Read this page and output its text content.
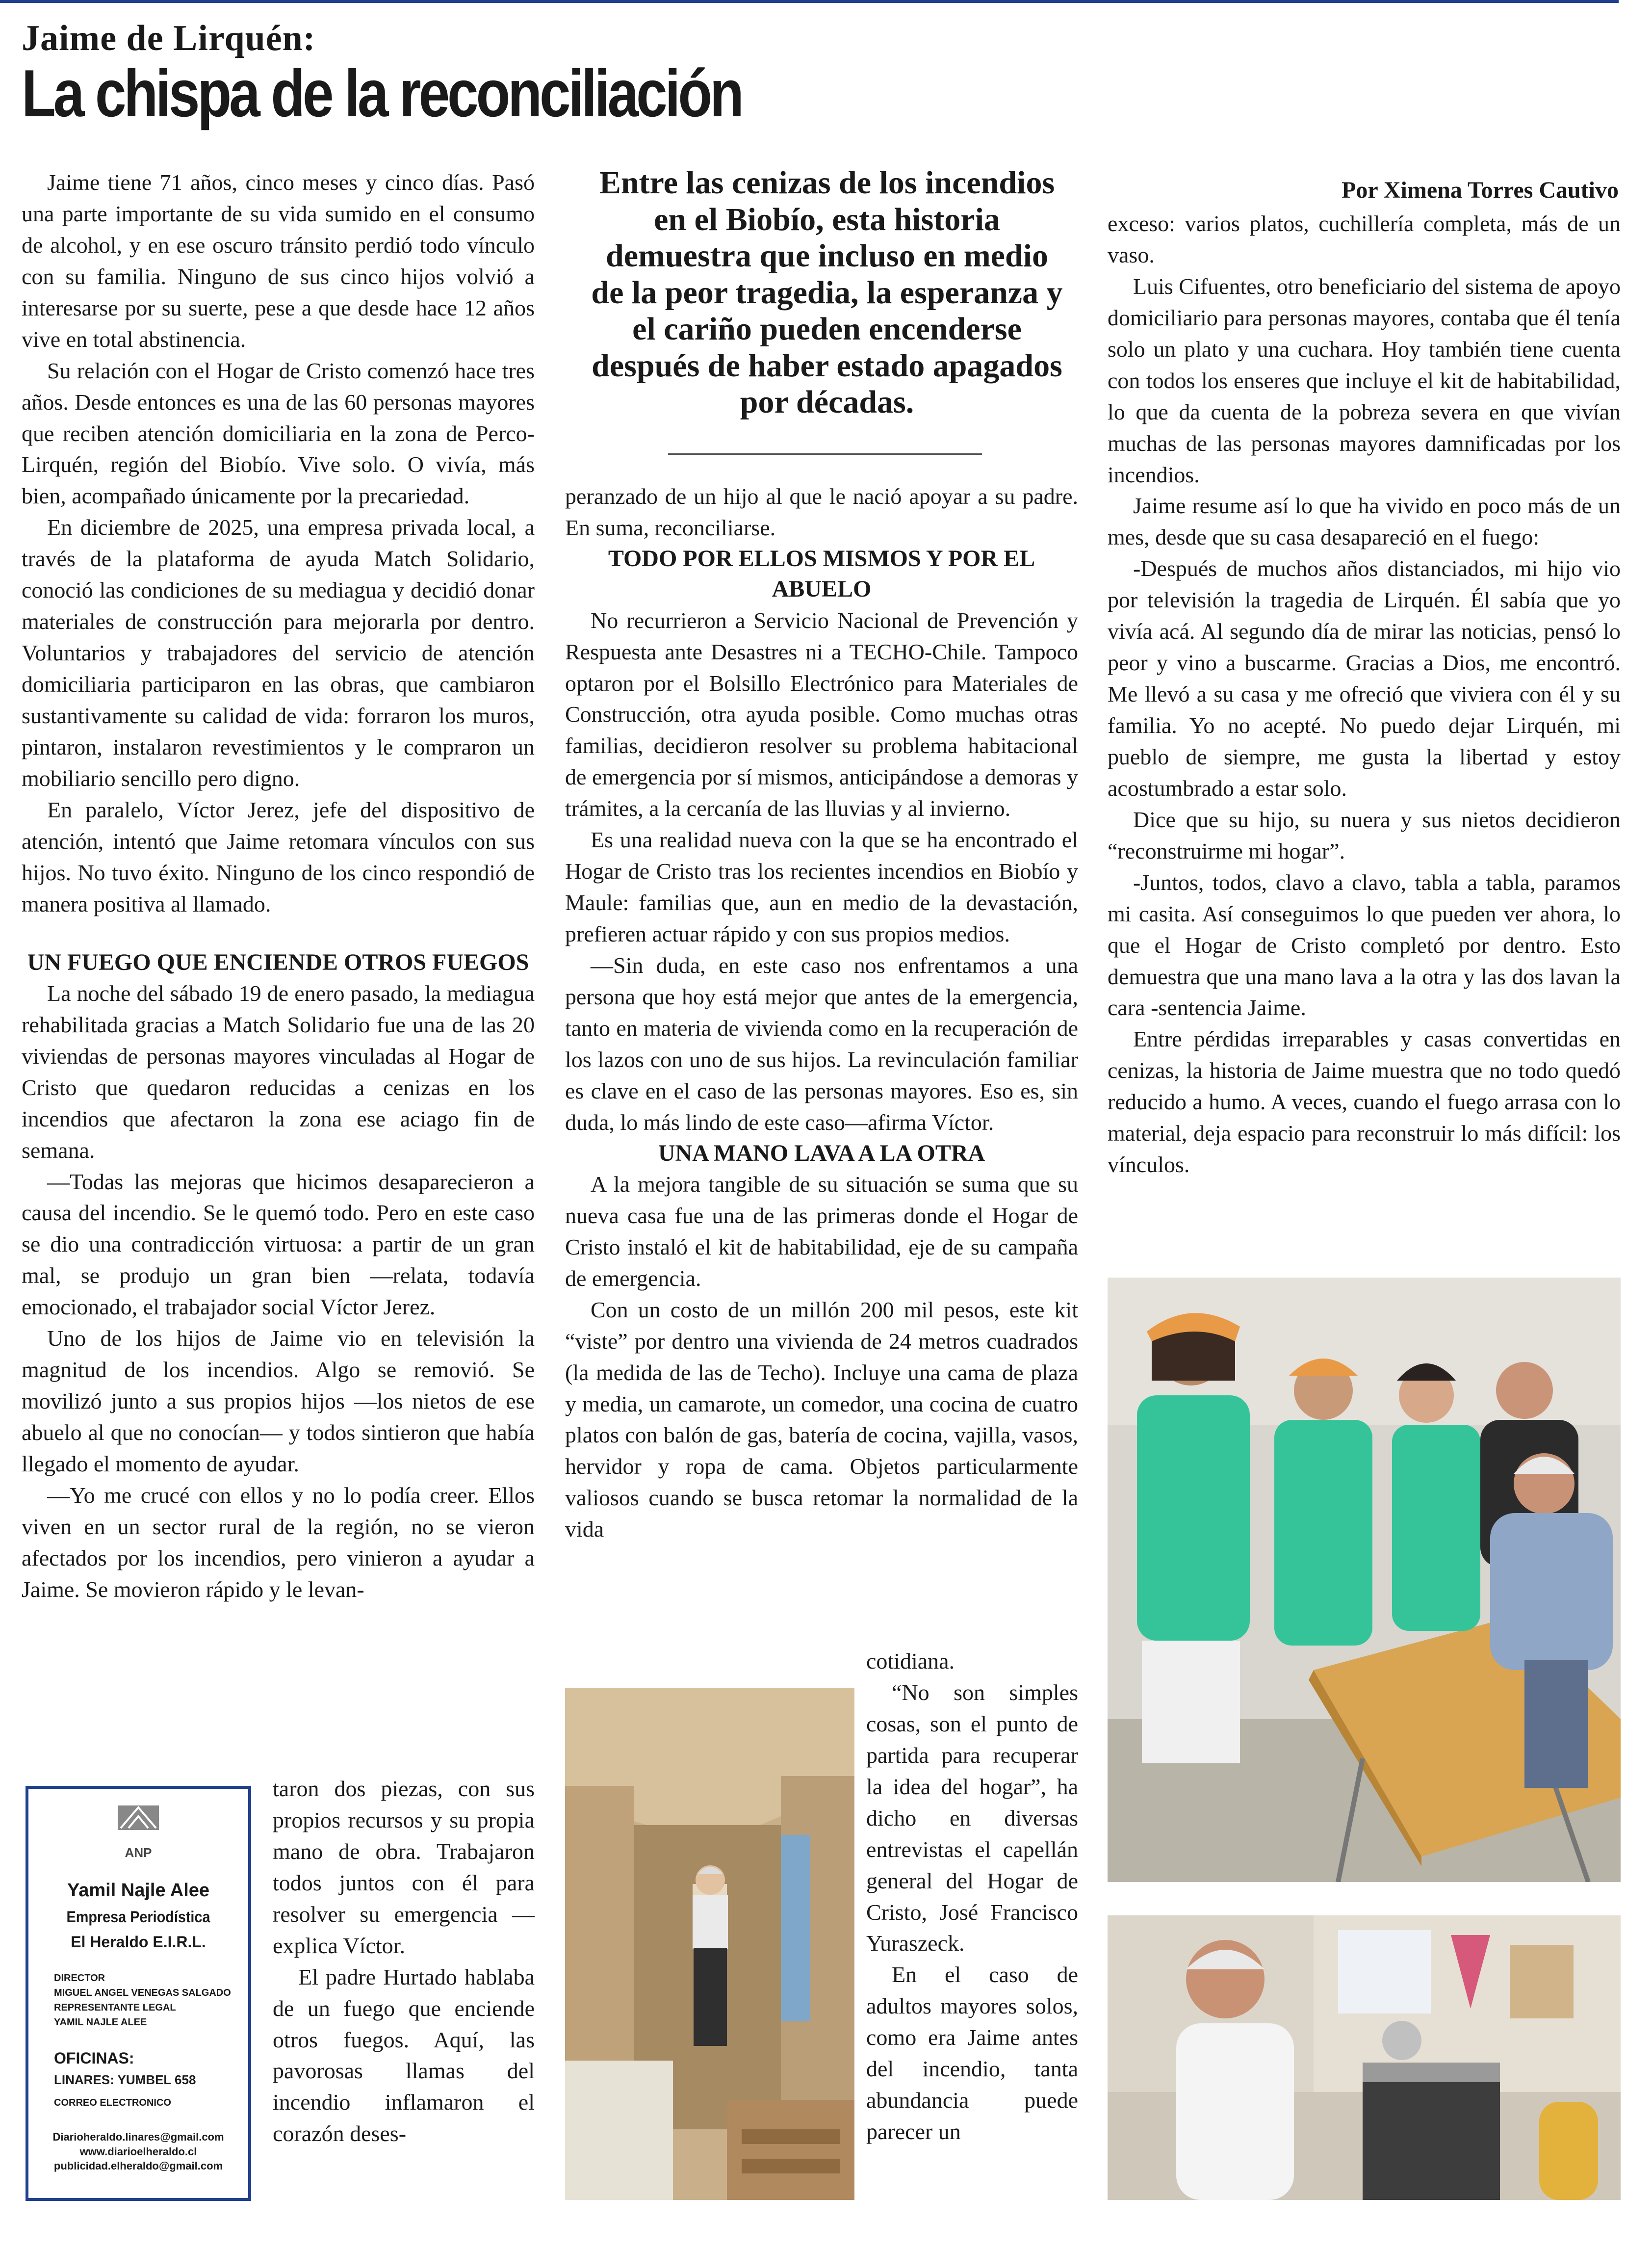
Jaime de Lirquén:
La chispa de la reconciliación

Jaime tiene 71 años, cinco meses y cinco días. Pasó una parte importante de su vida sumido en el consumo de alcohol, y en ese oscuro tránsito perdió todo vínculo con su familia. Ninguno de sus cinco hijos volvió a interesarse por su suerte, pese a que desde hace 12 años vive en total abstinencia.

Su relación con el Hogar de Cristo comenzó hace tres años. Desde entonces es una de las 60 personas mayores que reciben atención domiciliaria en la zona de Perco-Lirquén, región del Biobío. Vive solo. O vivía, más bien, acompañado únicamente por la precariedad.

En diciembre de 2025, una empresa privada local, a través de la plataforma de ayuda Match Solidario, conoció las condiciones de su mediagua y decidió donar materiales de construcción para mejorarla por dentro. Voluntarios y trabajadores del servicio de atención domiciliaria participaron en las obras, que cambiaron sustantivamente su calidad de vida: forraron los muros, pintaron, instalaron revestimientos y le compraron un mobiliario sencillo pero digno.

En paralelo, Víctor Jerez, jefe del dispositivo de atención, intentó que Jaime retomara vínculos con sus hijos. No tuvo éxito. Ninguno de los cinco respondió de manera positiva al llamado.

UN FUEGO QUE ENCIENDE OTROS FUEGOS

La noche del sábado 19 de enero pasado, la mediagua rehabilitada gracias a Match Solidario fue una de las 20 viviendas de personas mayores vinculadas al Hogar de Cristo que quedaron reducidas a cenizas en los incendios que afectaron la zona ese aciago fin de semana.

—Todas las mejoras que hicimos desaparecieron a causa del incendio. Se le quemó todo. Pero en este caso se dio una contradicción virtuosa: a partir de un gran mal, se produjo un gran bien —relata, todavía emocionado, el trabajador social Víctor Jerez.

Uno de los hijos de Jaime vio en televisión la magnitud de los incendios. Algo se removió. Se movilizó junto a sus propios hijos —los nietos de ese abuelo al que no conocían— y todos sintieron que había llegado el momento de ayudar.

—Yo me crucé con ellos y no lo podía creer. Ellos viven en un sector rural de la región, no se vieron afectados por los incendios, pero vinieron a ayudar a Jaime. Se movieron rápido y le levan-

taron dos piezas, con sus propios recursos y su propia mano de obra. Trabajaron todos juntos con él para resolver su emergencia —explica Víctor.
El padre Hurtado hablaba de un fuego que enciende otros fuegos. Aquí, las pavorosas llamas del incendio inflamaron el corazón deses-
ANP
Yamil Najle Alee
Empresa Periodística
El Heraldo E.I.R.L.
DIRECTOR
MIGUEL ANGEL VENEGAS SALGADO
REPRESENTANTE LEGAL
YAMIL NAJLE ALEE
OFICINAS:
LINARES: YUMBEL 658
CORREO ELECTRONICO
Diarioheraldo.linares@gmail.com
www.diarioelheraldo.cl
publicidad.elheraldo@gmail.com
Entre las cenizas de los incendios en el Biobío, esta historia demuestra que incluso en medio de la peor tragedia, la esperanza y el cariño pueden encenderse después de haber estado apagados por décadas.

peranzado de un hijo al que le nació apoyar a su padre. En suma, reconciliarse.

TODO POR ELLOS MISMOS Y POR EL ABUELO

No recurrieron a Servicio Nacional de Prevención y Respuesta ante Desastres ni a TECHO-Chile. Tampoco optaron por el Bolsillo Electrónico para Materiales de Construcción, otra ayuda posible. Como muchas otras familias, decidieron resolver su problema habitacional de emergencia por sí mismos, anticipándose a demoras y trámites, a la cercanía de las lluvias y al invierno.

Es una realidad nueva con la que se ha encontrado el Hogar de Cristo tras los recientes incendios en Biobío y Maule: familias que, aun en medio de la devastación, prefieren actuar rápido y con sus propios medios.

—Sin duda, en este caso nos enfrentamos a una persona que hoy está mejor que antes de la emergencia, tanto en materia de vivienda como en la recuperación de los lazos con uno de sus hijos. La revinculación familiar es clave en el caso de las personas mayores. Eso es, sin duda, lo más lindo de este caso—afirma Víctor.

UNA MANO LAVA A LA OTRA

A la mejora tangible de su situación se suma que su nueva casa fue una de las primeras donde el Hogar de Cristo instaló el kit de habitabilidad, eje de su campaña de emergencia.

Con un costo de un millón 200 mil pesos, este kit “viste” por dentro una vivienda de 24 metros cuadrados (la medida de las de Techo). Incluye una cama de plaza y media, un camarote, un comedor, una cocina de cuatro platos con balón de gas, batería de cocina, vajilla, vasos, hervidor y ropa de cama. Objetos particularmente valiosos cuando se busca retomar la normalidad de la vida

cotidiana.
“No son simples cosas, son el punto de partida para recuperar la idea del hogar”, ha dicho en diversas entrevistas el capellán general del Hogar de Cristo, José Francisco Yuraszeck.
En el caso de adultos mayores solos, como era Jaime antes del incendio, tanta abundancia puede parecer un
Por Ximena Torres Cautivo

exceso: varios platos, cuchillería completa, más de un vaso.

Luis Cifuentes, otro beneficiario del sistema de apoyo domiciliario para personas mayores, contaba que él tenía solo un plato y una cuchara. Hoy también tiene cuenta con todos los enseres que incluye el kit de habitabilidad, lo que da cuenta de la pobreza severa en que vivían muchas de las personas mayores damnificadas por los incendios.

Jaime resume así lo que ha vivido en poco más de un mes, desde que su casa desapareció en el fuego:

-Después de muchos años distanciados, mi hijo vio por televisión la tragedia de Lirquén. Él sabía que yo vivía acá. Al segundo día de mirar las noticias, pensó lo peor y vino a buscarme. Gracias a Dios, me encontró. Me llevó a su casa y me ofreció que viviera con él y su familia. Yo no acepté. No puedo dejar Lirquén, mi pueblo de siempre, me gusta la libertad y estoy acostumbrado a estar solo.

Dice que su hijo, su nuera y sus nietos decidieron “reconstruirme mi hogar”.

-Juntos, todos, clavo a clavo, tabla a tabla, paramos mi casita. Así conseguimos lo que pueden ver ahora, lo que el Hogar de Cristo completó por dentro. Esto demuestra que una mano lava a la otra y las dos lavan la cara -sentencia Jaime.

Entre pérdidas irreparables y casas convertidas en cenizas, la historia de Jaime muestra que no todo quedó reducido a humo. A veces, cuando el fuego arrasa con lo material, deja espacio para reconstruir lo más difícil: los vínculos.
